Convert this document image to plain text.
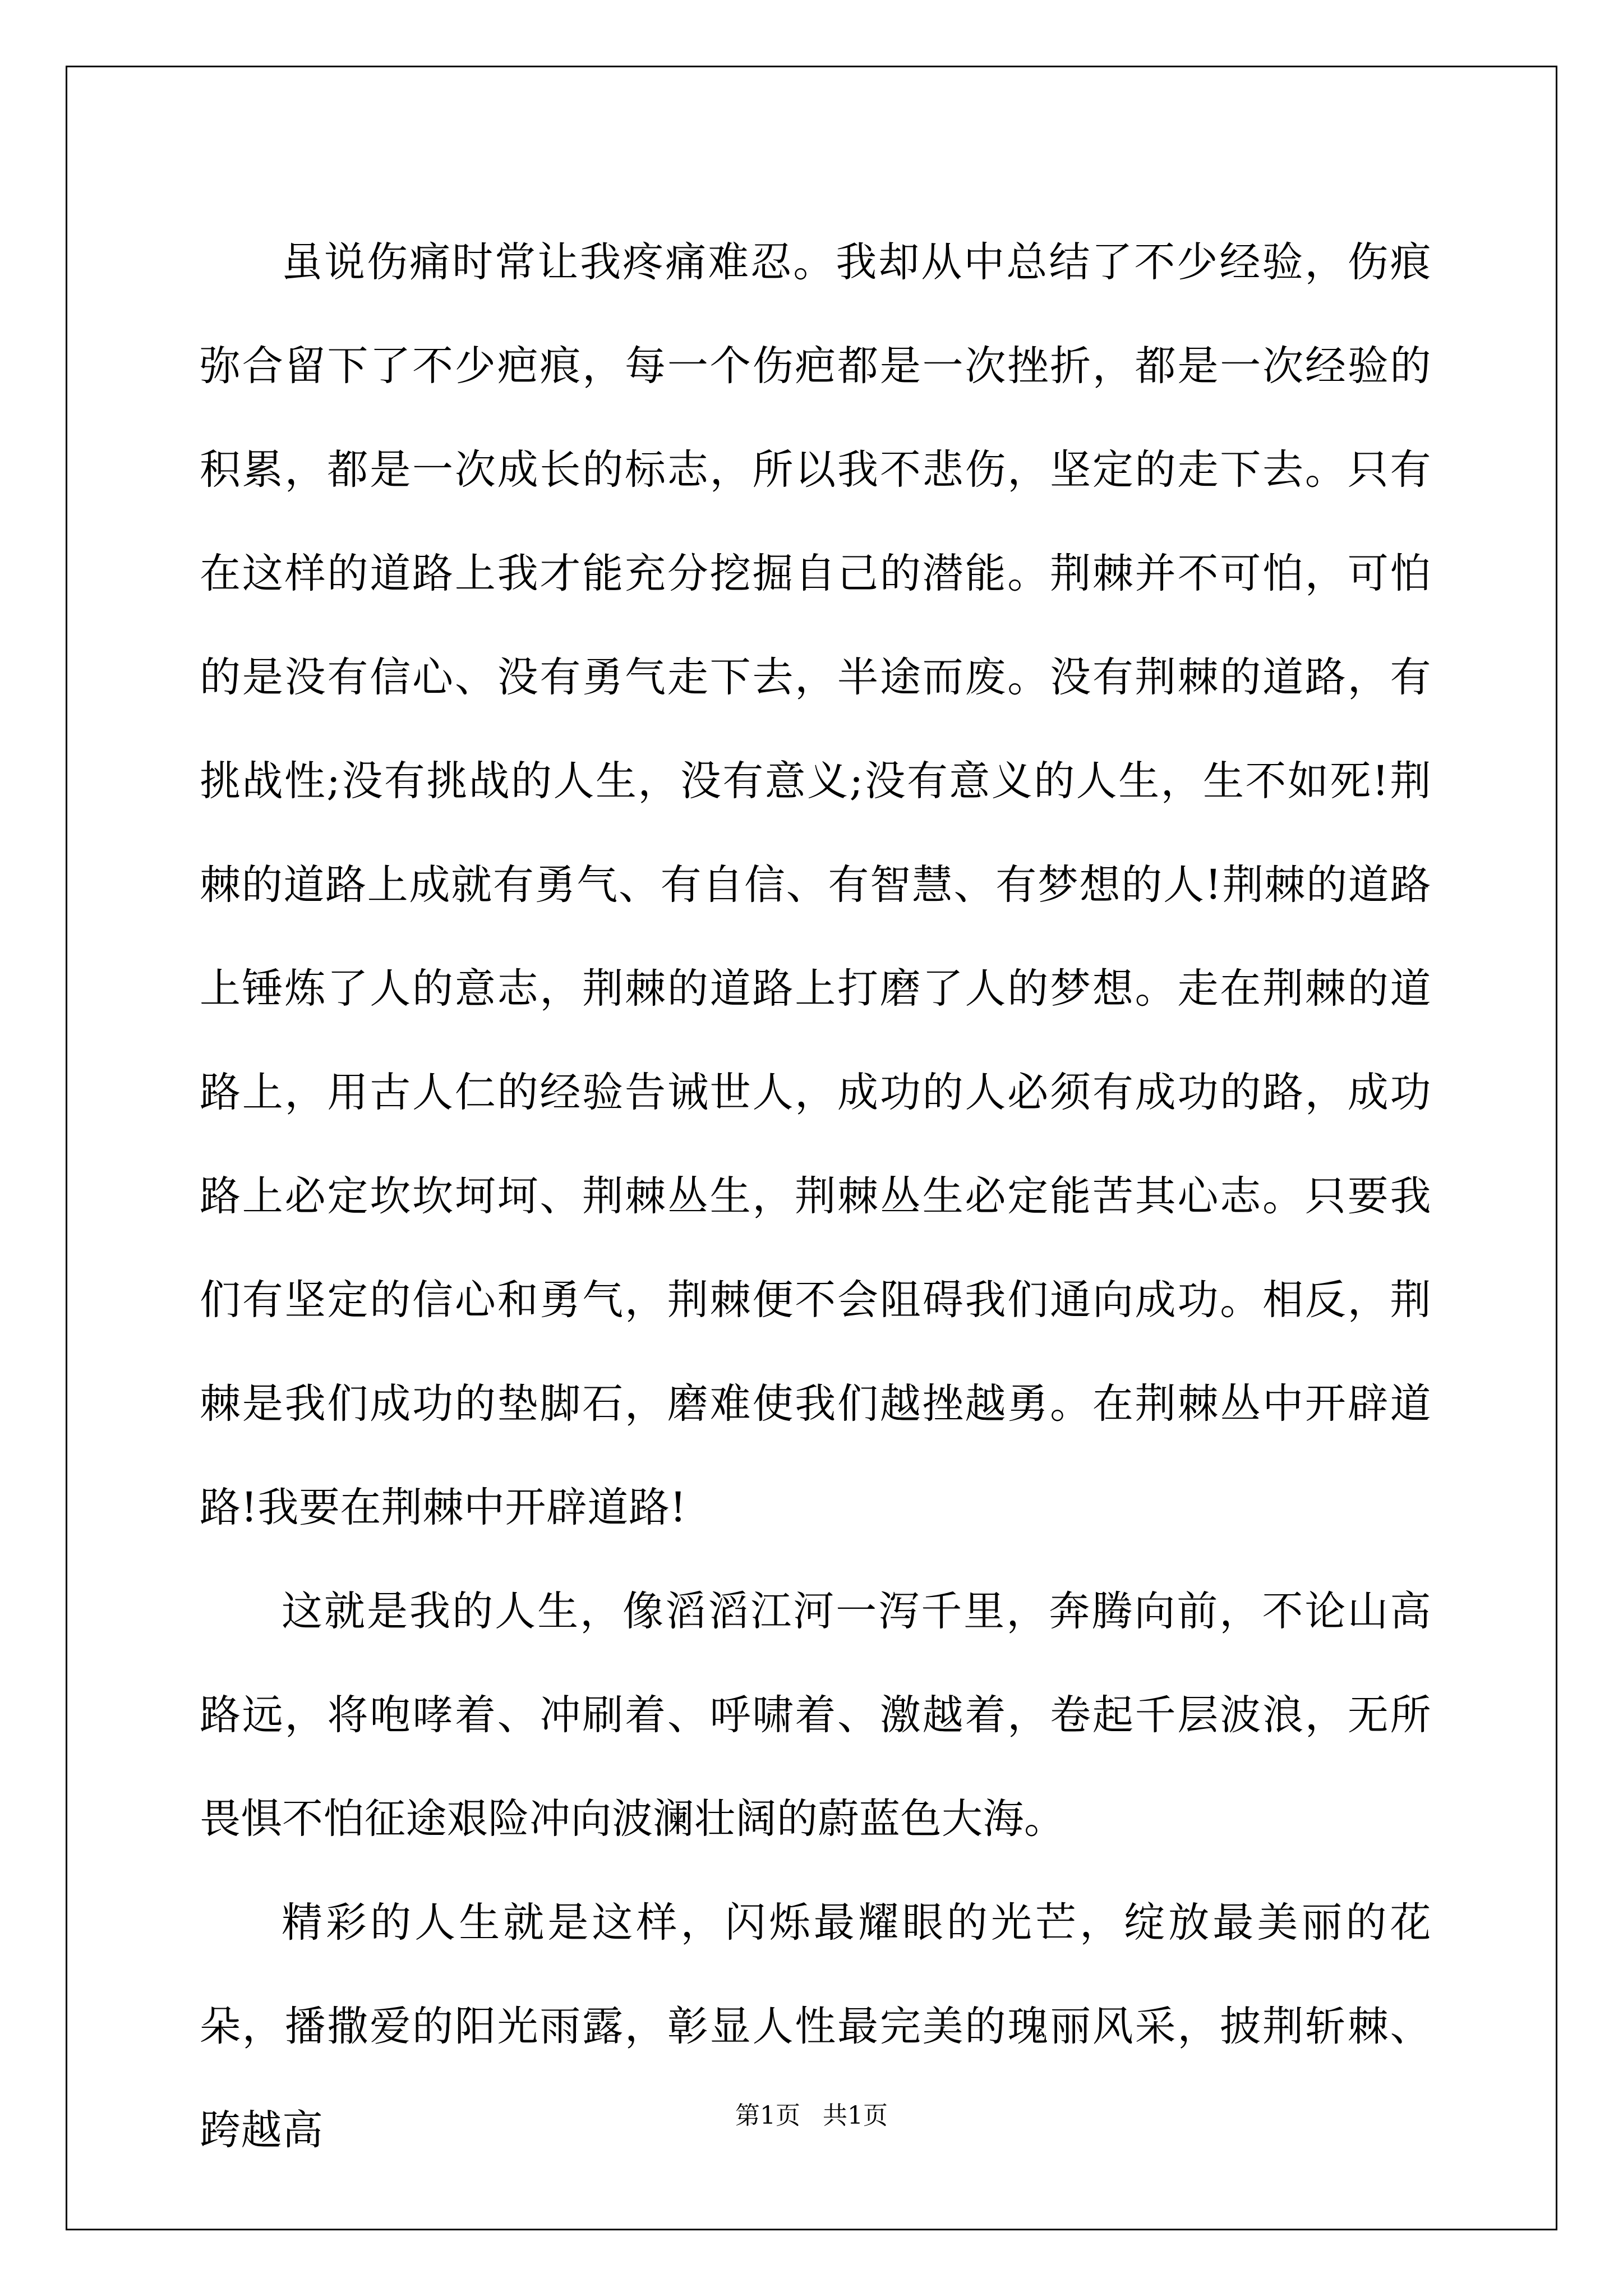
虽说伤痛时常让我疼痛难忍。我却从中总结了不少经验，伤痕弥合留下了不少疤痕，每一个伤疤都是一次挫折，都是一次经验的积累，都是一次成长的标志，所以我不悲伤，坚定的走下去。只有在这样的道路上我才能充分挖掘自己的潜能。荆棘并不可怕，可怕的是没有信心、没有勇气走下去，半途而废。没有荆棘的道路，有挑战性;没有挑战的人生，没有意义;没有意义的人生，生不如死!荆棘的道路上成就有勇气、有自信、有智慧、有梦想的人!荆棘的道路上锤炼了人的意志，荆棘的道路上打磨了人的梦想。走在荆棘的道路上，用古人仁的经验告诫世人，成功的人必须有成功的路，成功路上必定坎坎坷坷、荆棘丛生，荆棘丛生必定能苦其心志。只要我们有坚定的信心和勇气，荆棘便不会阻碍我们通向成功。相反，荆棘是我们成功的垫脚石，磨难使我们越挫越勇。在荆棘丛中开辟道路!我要在荆棘中开辟道路!

这就是我的人生，像滔滔江河一泻千里，奔腾向前，不论山高路远，将咆哮着、冲刷着、呼啸着、激越着，卷起千层波浪，无所畏惧不怕征途艰险冲向波澜壮阔的蔚蓝色大海。

精彩的人生就是这样，闪烁最耀眼的光芒，绽放最美丽的花朵，播撒爱的阳光雨露，彰显人性最完美的瑰丽风采，披荆斩棘、跨越高	第1页 共1页
